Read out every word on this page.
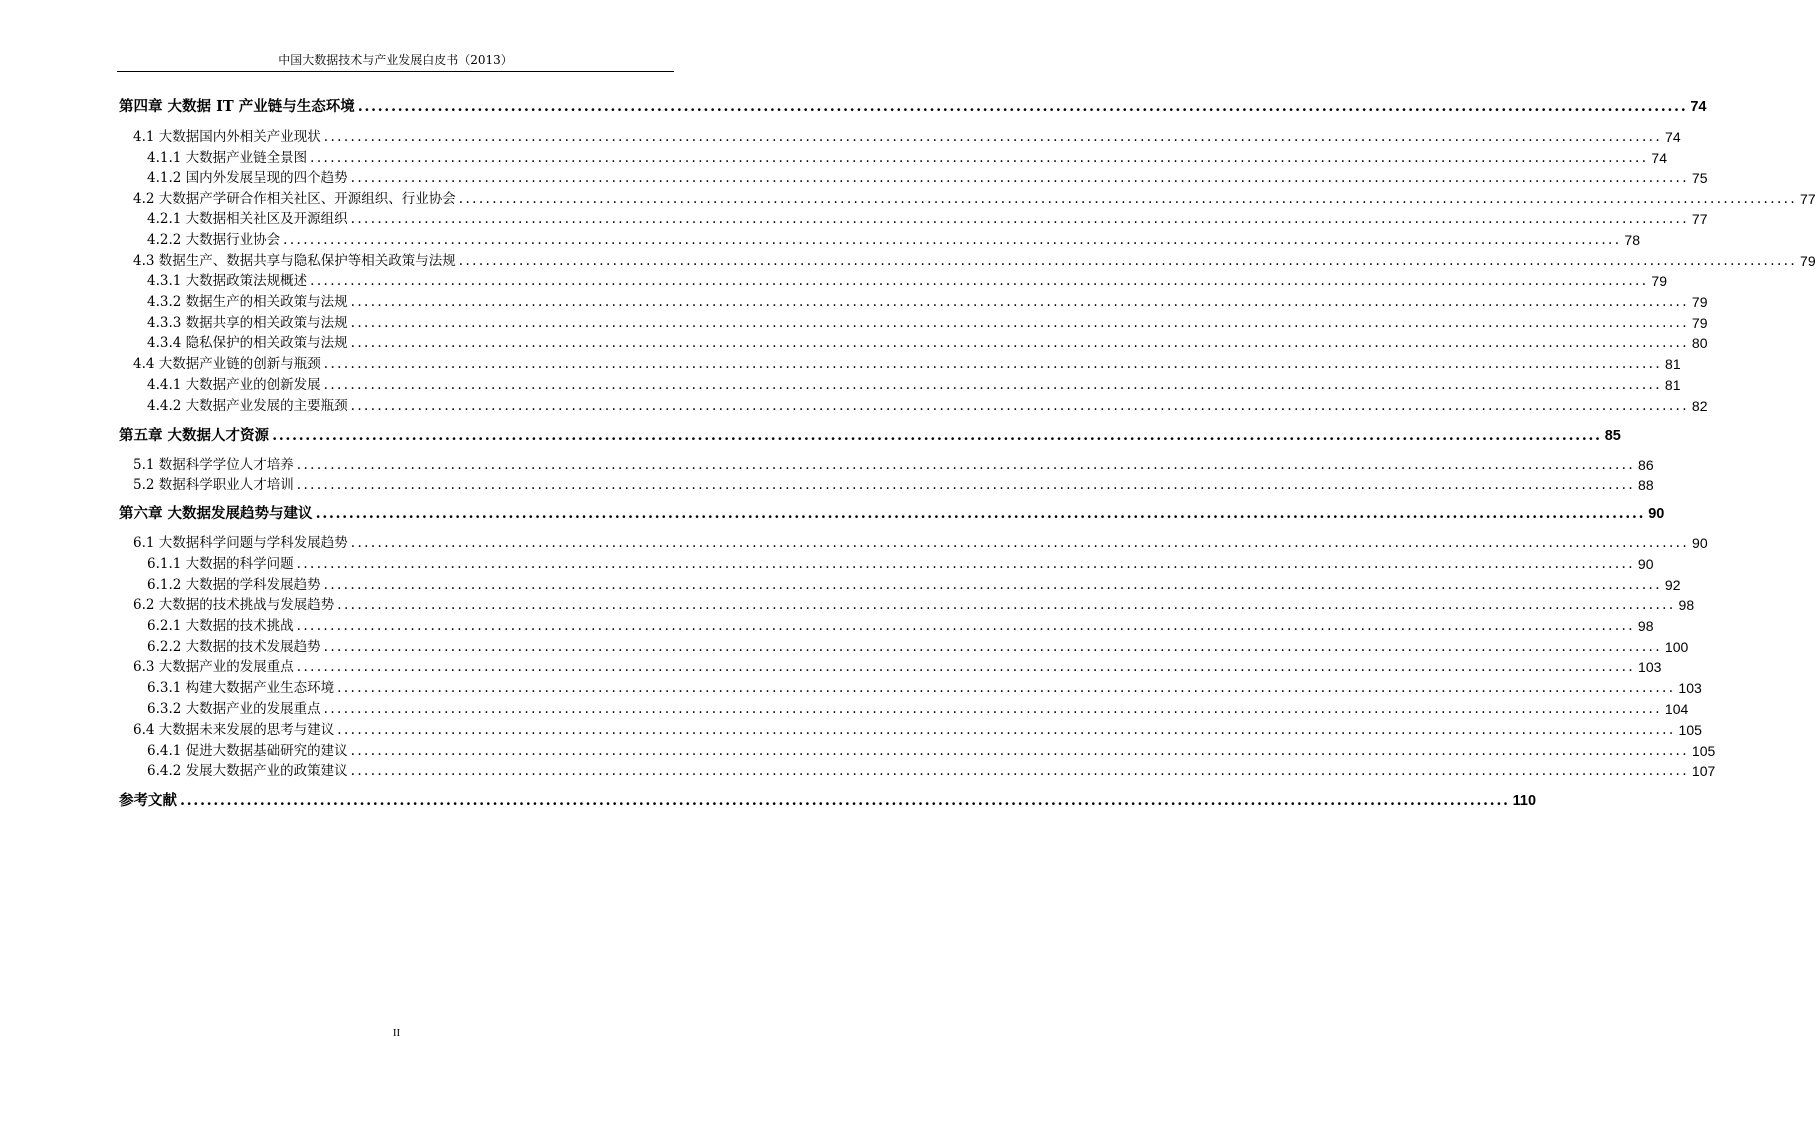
中国大数据技术与产业发展白皮书（2013）
第四章 大数据 IT 产业链与生态环境 ........................................................................................................................................................................................................ 74
4.1 大数据国内外相关产业现状 ........................................................................................................................................................................................................ 74
4.1.1 大数据产业链全景图 ........................................................................................................................................................................................................ 74
4.1.2 国内外发展呈现的四个趋势 ........................................................................................................................................................................................................ 75
4.2 大数据产学研合作相关社区、开源组织、行业协会 ........................................................................................................................................................................................................ 77
4.2.1 大数据相关社区及开源组织 ........................................................................................................................................................................................................ 77
4.2.2 大数据行业协会 ........................................................................................................................................................................................................ 78
4.3 数据生产、数据共享与隐私保护等相关政策与法规 ........................................................................................................................................................................................................ 79
4.3.1 大数据政策法规概述 ........................................................................................................................................................................................................ 79
4.3.2 数据生产的相关政策与法规 ........................................................................................................................................................................................................ 79
4.3.3 数据共享的相关政策与法规 ........................................................................................................................................................................................................ 79
4.3.4 隐私保护的相关政策与法规 ........................................................................................................................................................................................................ 80
4.4 大数据产业链的创新与瓶颈 ........................................................................................................................................................................................................ 81
4.4.1 大数据产业的创新发展 ........................................................................................................................................................................................................ 81
4.4.2 大数据产业发展的主要瓶颈 ........................................................................................................................................................................................................ 82
第五章 大数据人才资源 ........................................................................................................................................................................................................ 85
5.1 数据科学学位人才培养 ........................................................................................................................................................................................................ 86
5.2 数据科学职业人才培训 ........................................................................................................................................................................................................ 88
第六章 大数据发展趋势与建议 ........................................................................................................................................................................................................ 90
6.1 大数据科学问题与学科发展趋势 ........................................................................................................................................................................................................ 90
6.1.1 大数据的科学问题 ........................................................................................................................................................................................................ 90
6.1.2 大数据的学科发展趋势 ........................................................................................................................................................................................................ 92
6.2 大数据的技术挑战与发展趋势 ........................................................................................................................................................................................................ 98
6.2.1 大数据的技术挑战 ........................................................................................................................................................................................................ 98
6.2.2 大数据的技术发展趋势 ........................................................................................................................................................................................................ 100
6.3 大数据产业的发展重点 ........................................................................................................................................................................................................ 103
6.3.1 构建大数据产业生态环境 ........................................................................................................................................................................................................ 103
6.3.2 大数据产业的发展重点 ........................................................................................................................................................................................................ 104
6.4 大数据未来发展的思考与建议 ........................................................................................................................................................................................................ 105
6.4.1 促进大数据基础研究的建议 ........................................................................................................................................................................................................ 105
6.4.2 发展大数据产业的政策建议 ........................................................................................................................................................................................................ 107
参考文献 ........................................................................................................................................................................................................ 110
II
